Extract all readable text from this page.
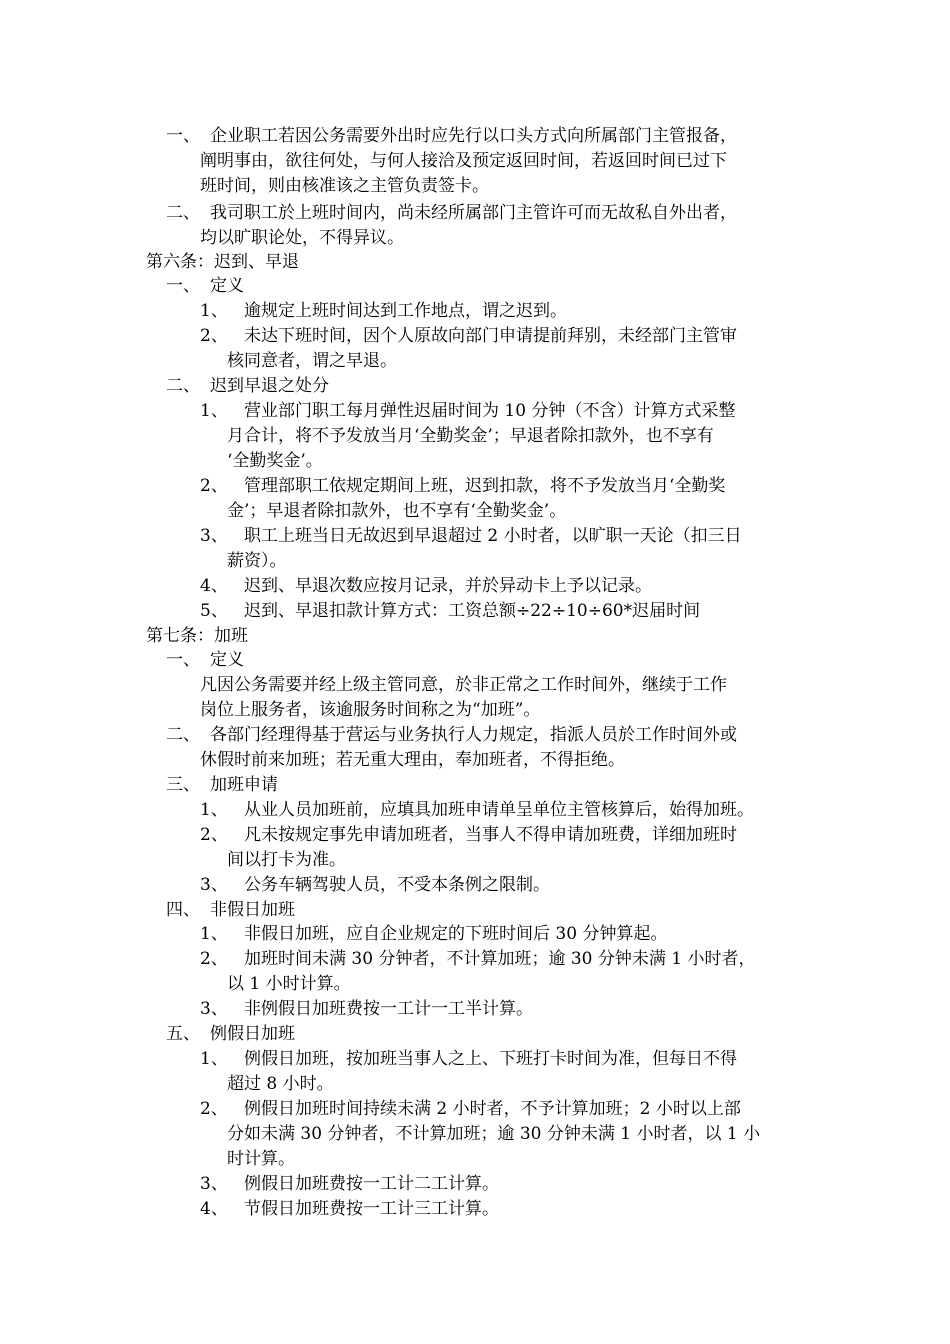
一、 企业职工若因公务需要外出时应先行以口头方式向所属部门主管报备，
阐明事由，欲往何处，与何人接洽及预定返回时间，若返回时间已过下
班时间，则由核准该之主管负责签卡。
二、 我司职工於上班时间内，尚未经所属部门主管许可而无故私自外出者，
均以旷职论处，不得异议。
第六条：迟到、早退
一、 定义
1、 逾规定上班时间达到工作地点，谓之迟到。
2、 未达下班时间，因个人原故向部门申请提前拜别，未经部门主管审
核同意者，谓之早退。
二、 迟到早退之处分
1、 营业部门职工每月弹性迟届时间为 10 分钟（不含）计算方式采整
月合计，将不予发放当月‘全勤奖金’；早退者除扣款外，也不享有
‘全勤奖金’。
2、 管理部职工依规定期间上班，迟到扣款，将不予发放当月‘全勤奖
金’；早退者除扣款外，也不享有‘全勤奖金’。
3、 职工上班当日无故迟到早退超过 2 小时者，以旷职一天论（扣三日
薪资）。
4、 迟到、早退次数应按月记录，并於异动卡上予以记录。
5、 迟到、早退扣款计算方式：工资总额÷22÷10÷60*迟届时间
第七条：加班
一、 定义
凡因公务需要并经上级主管同意，於非正常之工作时间外，继续于工作
岗位上服务者，该逾服务时间称之为“加班”。
二、 各部门经理得基于营运与业务执行人力规定，指派人员於工作时间外或
休假时前来加班；若无重大理由，奉加班者，不得拒绝。
三、 加班申请
1、 从业人员加班前，应填具加班申请单呈单位主管核算后，始得加班。
2、 凡未按规定事先申请加班者，当事人不得申请加班费，详细加班时
间以打卡为准。
3、 公务车辆驾驶人员，不受本条例之限制。
四、 非假日加班
1、 非假日加班，应自企业规定的下班时间后 30 分钟算起。
2、 加班时间未满 30 分钟者，不计算加班；逾 30 分钟未满 1 小时者，
以 1 小时计算。
3、 非例假日加班费按一工计一工半计算。
五、 例假日加班
1、 例假日加班，按加班当事人之上、下班打卡时间为准，但每日不得
超过 8 小时。
2、 例假日加班时间持续未满 2 小时者，不予计算加班；2 小时以上部
分如未满 30 分钟者，不计算加班；逾 30 分钟未满 1 小时者，以 1 小
时计算。
3、 例假日加班费按一工计二工计算。
4、 节假日加班费按一工计三工计算。
